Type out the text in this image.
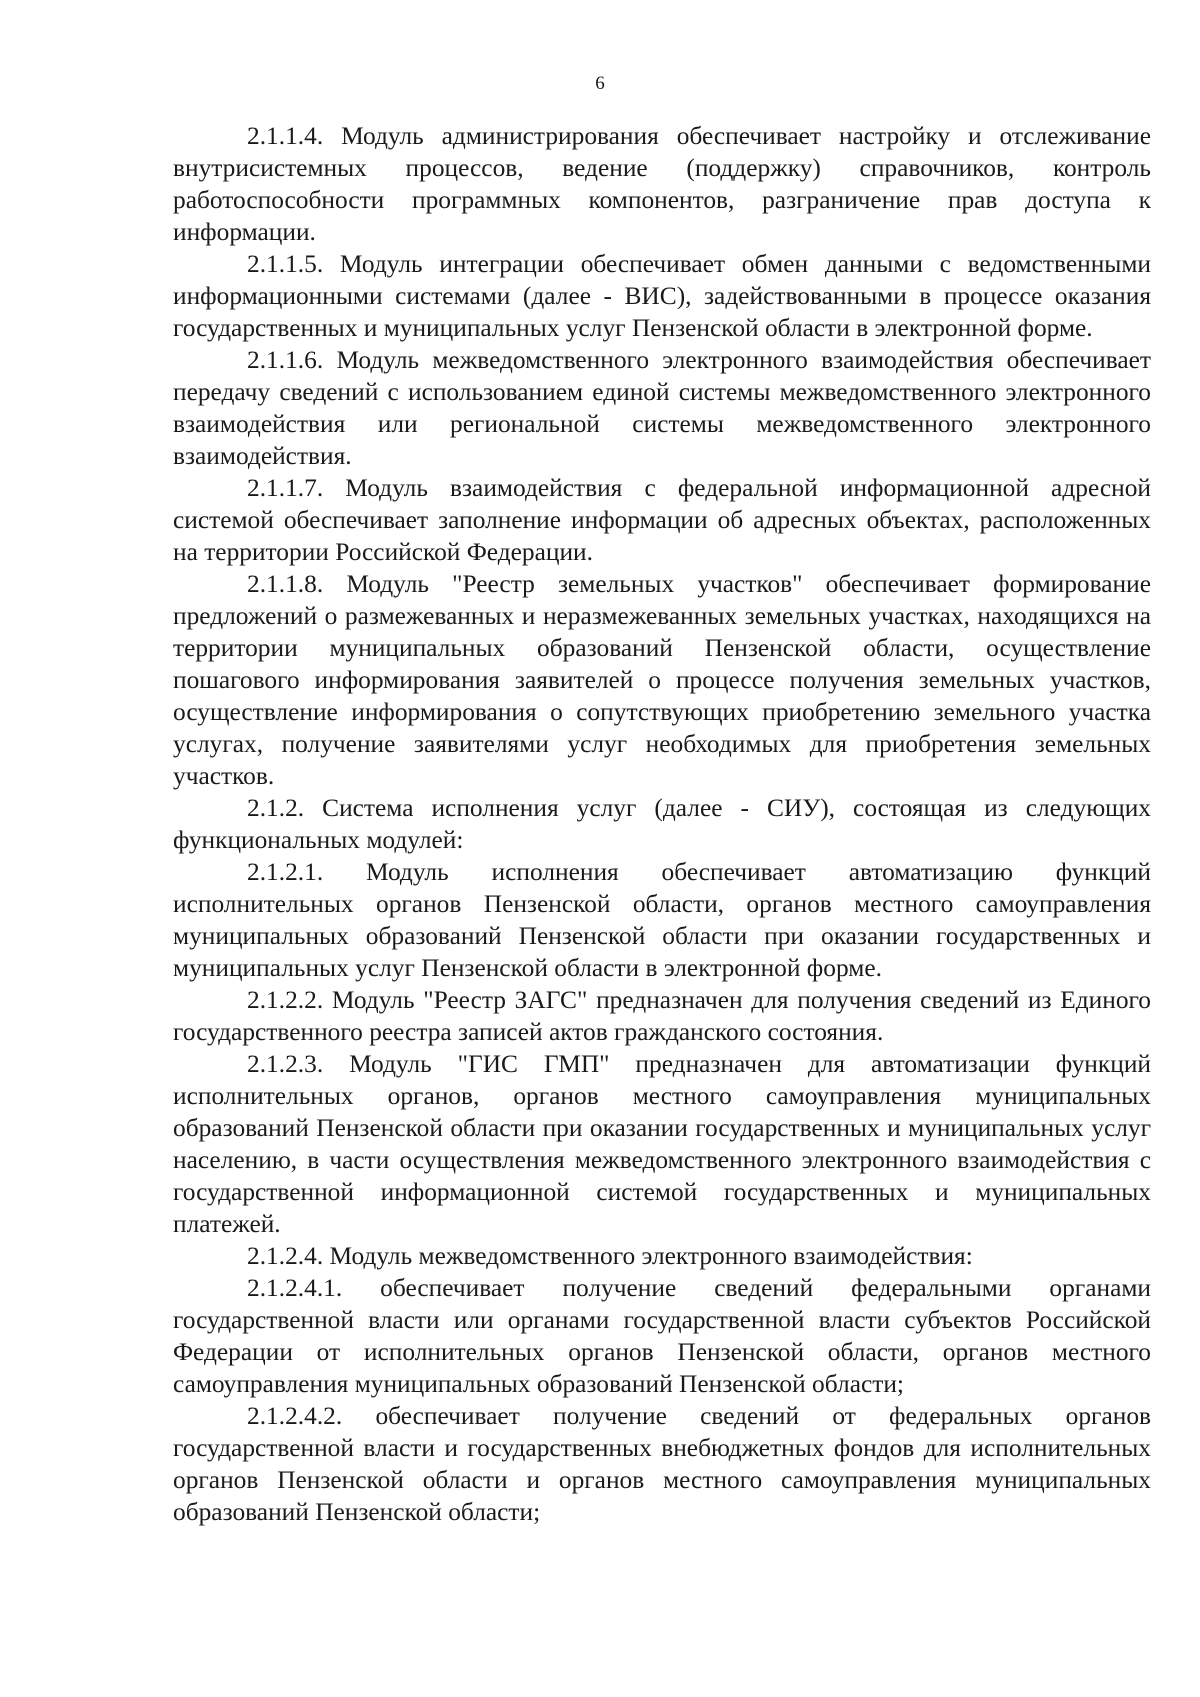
6

2.1.1.4. Модуль администрирования обеспечивает настройку и отслеживание внутрисистемных процессов, ведение (поддержку) справочников, контроль работоспособности программных компонентов, разграничение прав доступа к информации.

2.1.1.5. Модуль интеграции обеспечивает обмен данными с ведомственными информационными системами (далее - ВИС), задействованными в процессе оказания государственных и муниципальных услуг Пензенской области в электронной форме.

2.1.1.6. Модуль межведомственного электронного взаимодействия обеспечивает передачу сведений с использованием единой системы межведомственного электронного взаимодействия или региональной системы межведомственного электронного взаимодействия.

2.1.1.7. Модуль взаимодействия с федеральной информационной адресной системой обеспечивает заполнение информации об адресных объектах, расположенных на территории Российской Федерации.

2.1.1.8. Модуль "Реестр земельных участков" обеспечивает формирование предложений о размежеванных и неразмежеванных земельных участках, находящихся на территории муниципальных образований Пензенской области, осуществление пошагового информирования заявителей о процессе получения земельных участков, осуществление информирования о сопутствующих приобретению земельного участка услугах, получение заявителями услуг необходимых для приобретения земельных участков.

2.1.2. Система исполнения услуг (далее - СИУ), состоящая из следующих функциональных модулей:

2.1.2.1. Модуль исполнения обеспечивает автоматизацию функций исполнительных органов Пензенской области, органов местного самоуправления муниципальных образований Пензенской области при оказании государственных и муниципальных услуг Пензенской области в электронной форме.

2.1.2.2. Модуль "Реестр ЗАГС" предназначен для получения сведений из Единого государственного реестра записей актов гражданского состояния.

2.1.2.3. Модуль "ГИС ГМП" предназначен для автоматизации функций исполнительных органов, органов местного самоуправления муниципальных образований Пензенской области при оказании государственных и муниципальных услуг населению, в части осуществления межведомственного электронного взаимодействия с государственной информационной системой государственных и муниципальных платежей.

2.1.2.4. Модуль межведомственного электронного взаимодействия:

2.1.2.4.1. обеспечивает получение сведений федеральными органами государственной власти или органами государственной власти субъектов Российской Федерации от исполнительных органов Пензенской области, органов местного самоуправления муниципальных образований Пензенской области;

2.1.2.4.2. обеспечивает получение сведений от федеральных органов государственной власти и государственных внебюджетных фондов для исполнительных органов Пензенской области и органов местного самоуправления муниципальных образований Пензенской области;
